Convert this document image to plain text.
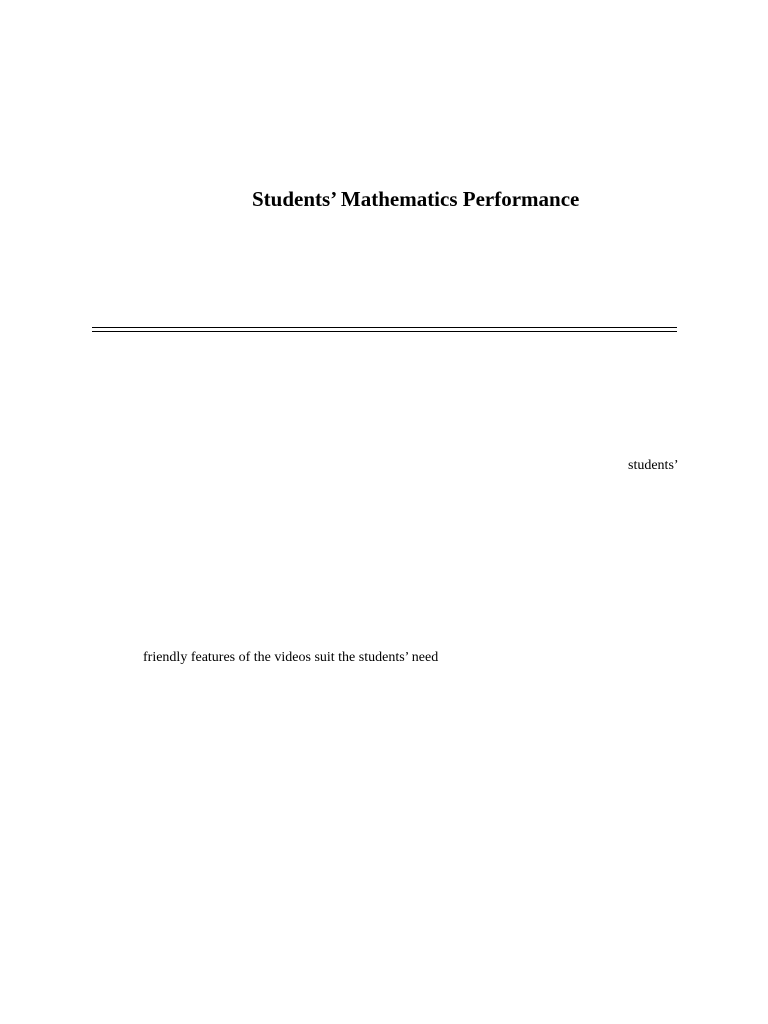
Students’ Mathematics Performance

students’

friendly features of the videos suit the students’ need
